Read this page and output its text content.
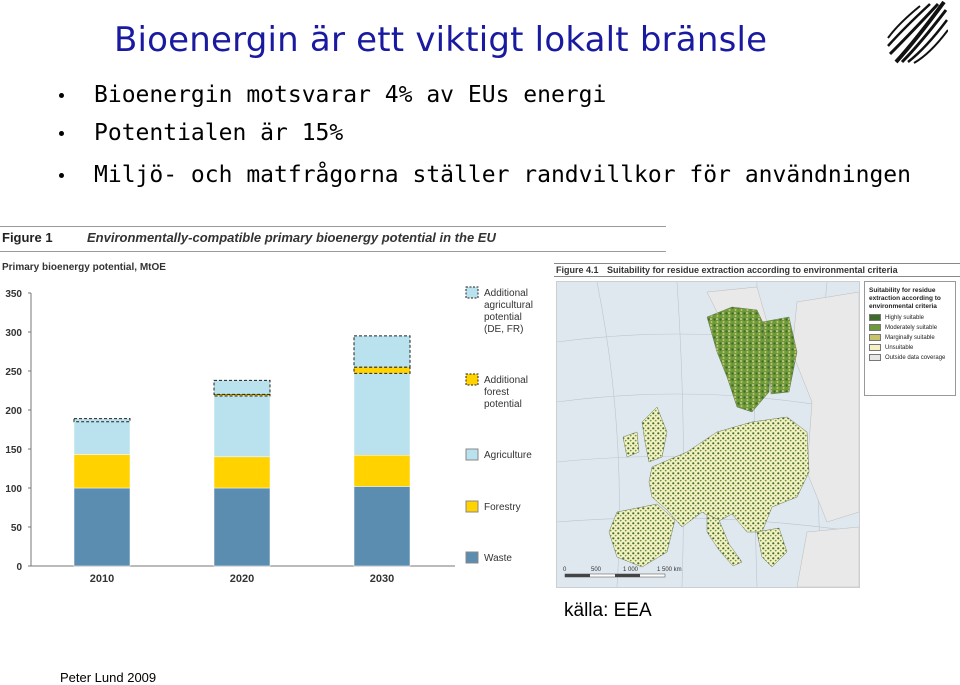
Bioenergin är ett viktigt lokalt bränsle
Bioenergin motsvarar 4% av EUs energi
Potentialen är 15%
Miljö- och matfrågorna ställer randvillkor för användningen
Figure 1	Environmentally-compatible primary bioenergy potential in the EU
Primary bioenergy potential, MtOE
0
50
100
150
200
250
300
350
2010	2020	2030
Additional
agricultural
potential
(DE, FR)
Additional
forest
potential
Agriculture
Forestry
Waste
Figure 4.1 Suitability for residue extraction according to environmental criteria
0	500	1 000	1 500 km
Suitability for residue extraction according to environmental criteria
Highly suitable
Moderately suitable
Marginally suitable
Unsuitable
Outside data coverage
källa: EEA
Peter Lund 2009
